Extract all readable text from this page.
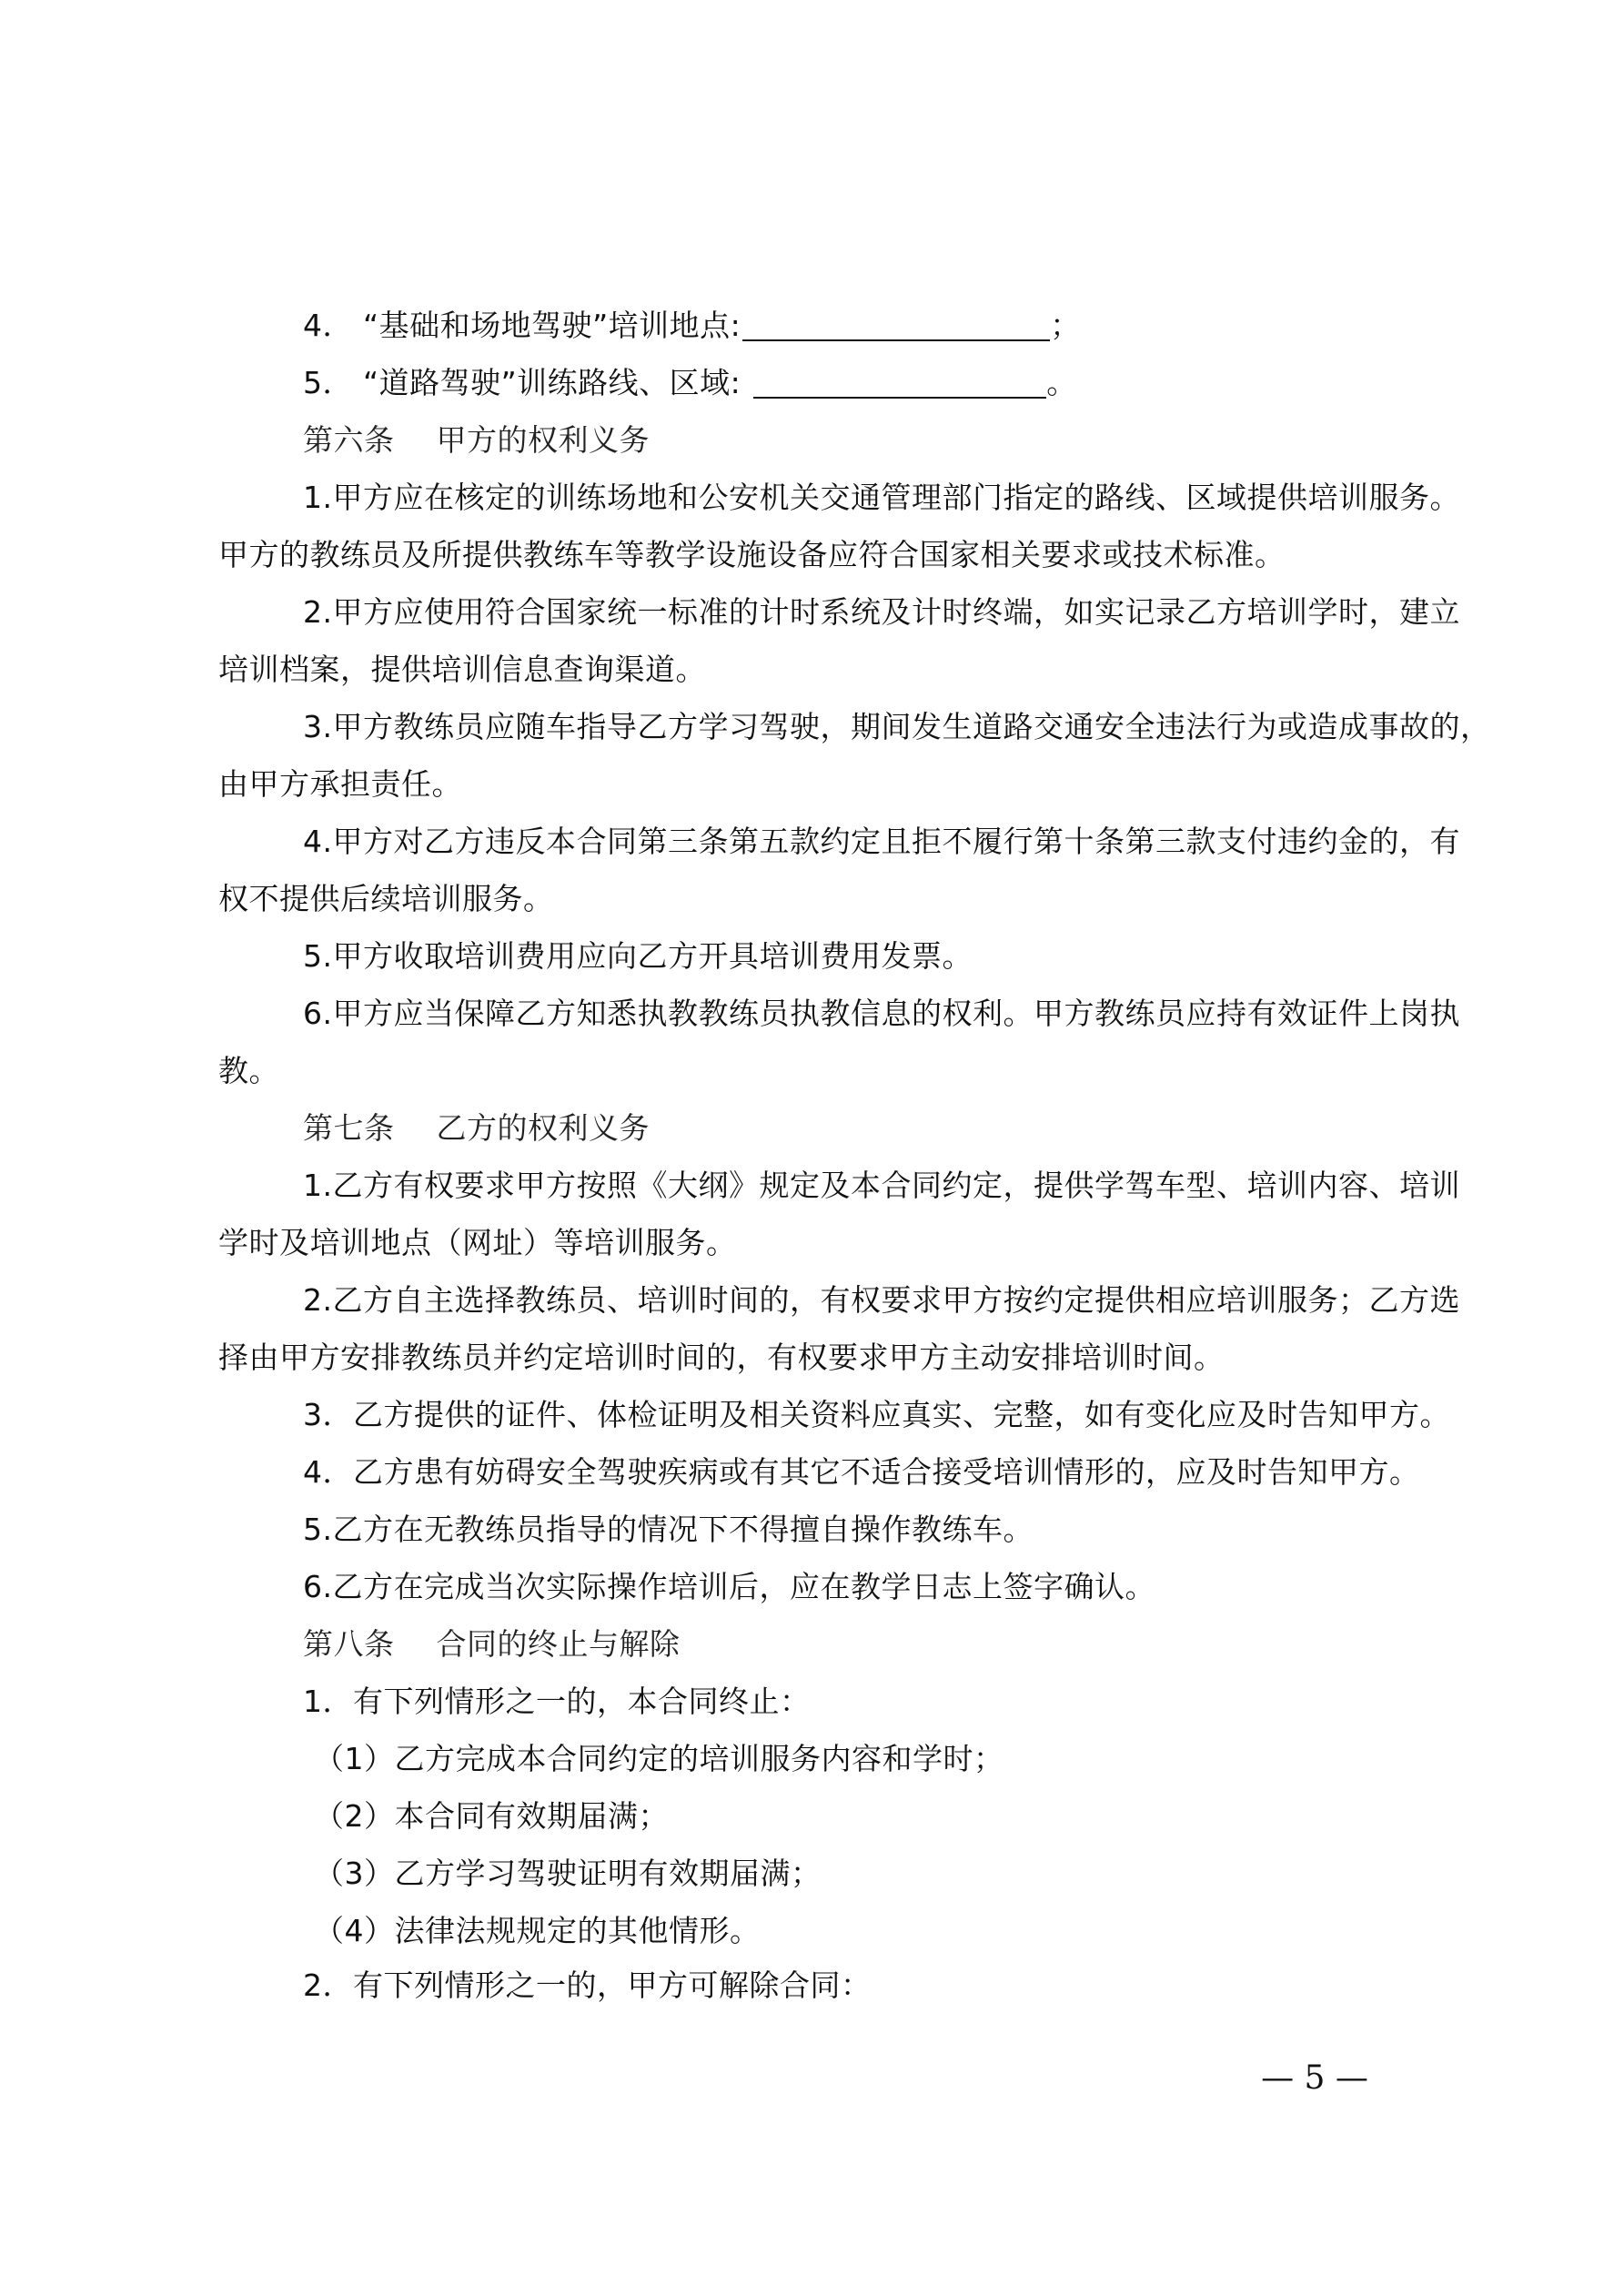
4． “基础和场地驾驶”培训地点:	；
5． “道路驾驶”训练路线、区域:	。
第六条 甲方的权利义务
1.甲方应在核定的训练场地和公安机关交通管理部门指定的路线、区域提供培训服务。
甲方的教练员及所提供教练车等教学设施设备应符合国家相关要求或技术标准。
2.甲方应使用符合国家统一标准的计时系统及计时终端，如实记录乙方培训学时，建立
培训档案，提供培训信息查询渠道。
3.甲方教练员应随车指导乙方学习驾驶，期间发生道路交通安全违法行为或造成事故的，
由甲方承担责任。
4.甲方对乙方违反本合同第三条第五款约定且拒不履行第十条第三款支付违约金的，有
权不提供后续培训服务。
5.甲方收取培训费用应向乙方开具培训费用发票。
6.甲方应当保障乙方知悉执教教练员执教信息的权利。甲方教练员应持有效证件上岗执
教。
第七条 乙方的权利义务
1.乙方有权要求甲方按照《大纲》规定及本合同约定，提供学驾车型、培训内容、培训
学时及培训地点（网址）等培训服务。
2.乙方自主选择教练员、培训时间的，有权要求甲方按约定提供相应培训服务；乙方选
择由甲方安排教练员并约定培训时间的，有权要求甲方主动安排培训时间。
3．乙方提供的证件、体检证明及相关资料应真实、完整，如有变化应及时告知甲方。
4．乙方患有妨碍安全驾驶疾病或有其它不适合接受培训情形的，应及时告知甲方。
5.乙方在无教练员指导的情况下不得擅自操作教练车。
6.乙方在完成当次实际操作培训后，应在教学日志上签字确认。
第八条 合同的终止与解除
1．有下列情形之一的，本合同终止：
（1）乙方完成本合同约定的培训服务内容和学时；
（2）本合同有效期届满；
（3）乙方学习驾驶证明有效期届满；
（4）法律法规规定的其他情形。
2．有下列情形之一的，甲方可解除合同：
— 5 —
